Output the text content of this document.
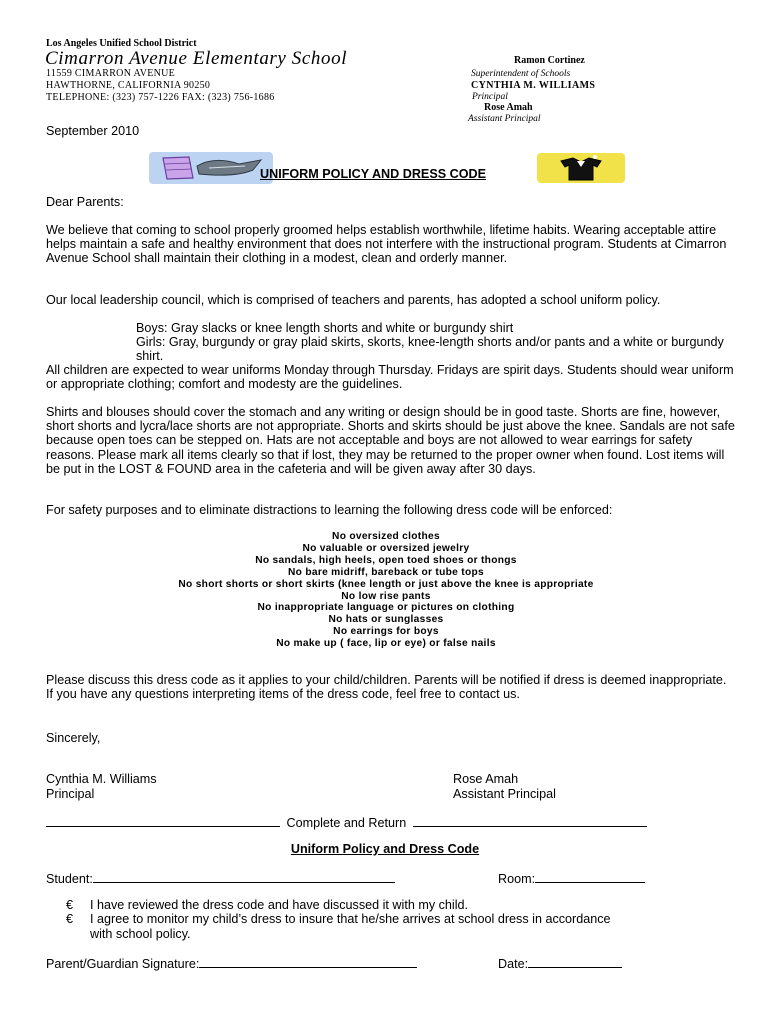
Los Angeles Unified School District
Cimarron Avenue Elementary School
11559 CIMARRON AVENUE
HAWTHORNE, CALIFORNIA 90250
TELEPHONE: (323) 757-1226 FAX: (323) 756-1686
Ramon Cortinez
Superintendent of Schools
CYNTHIA M. WILLIAMS
Principal
Rose Amah
Assistant Principal
September 2010
UNIFORM POLICY AND DRESS CODE
Dear Parents:
We believe that coming to school properly groomed helps establish worthwhile, lifetime habits. Wearing acceptable attire helps maintain a safe and healthy environment that does not interfere with the instructional program. Students at Cimarron Avenue School shall maintain their clothing in a modest, clean and orderly manner.
Our local leadership council, which is comprised of teachers and parents, has adopted a school uniform policy.
Boys: Gray slacks or knee length shorts and white or burgundy shirt
Girls: Gray, burgundy or gray plaid skirts, skorts, knee-length shorts and/or pants and a white or burgundy shirt.
All children are expected to wear uniforms Monday through Thursday. Fridays are spirit days. Students should wear uniform or appropriate clothing; comfort and modesty are the guidelines.
Shirts and blouses should cover the stomach and any writing or design should be in good taste. Shorts are fine, however, short shorts and lycra/lace shorts are not appropriate. Shorts and skirts should be just above the knee. Sandals are not safe because open toes can be stepped on. Hats are not acceptable and boys are not allowed to wear earrings for safety reasons. Please mark all items clearly so that if lost, they may be returned to the proper owner when found. Lost items will be put in the LOST & FOUND area in the cafeteria and will be given away after 30 days.
For safety purposes and to eliminate distractions to learning the following dress code will be enforced:
No oversized clothes
No valuable or oversized jewelry
No sandals, high heels, open toed shoes or thongs
No bare midriff, bareback or tube tops
No short shorts or short skirts (knee length or just above the knee is appropriate
No low rise pants
No inappropriate language or pictures on clothing
No hats or sunglasses
No earrings for boys
No make up ( face, lip or eye) or false nails
Please discuss this dress code as it applies to your child/children. Parents will be notified if dress is deemed inappropriate. If you have any questions interpreting items of the dress code, feel free to contact us.
Sincerely,
Cynthia M. Williams
Principal
Rose Amah
Assistant Principal
Complete and Return
Uniform Policy and Dress Code
Student:	Room:
€ I have reviewed the dress code and have discussed it with my child.
€ I agree to monitor my child’s dress to insure that he/she arrives at school dress in accordance
with school policy.
Parent/Guardian Signature:	Date:
